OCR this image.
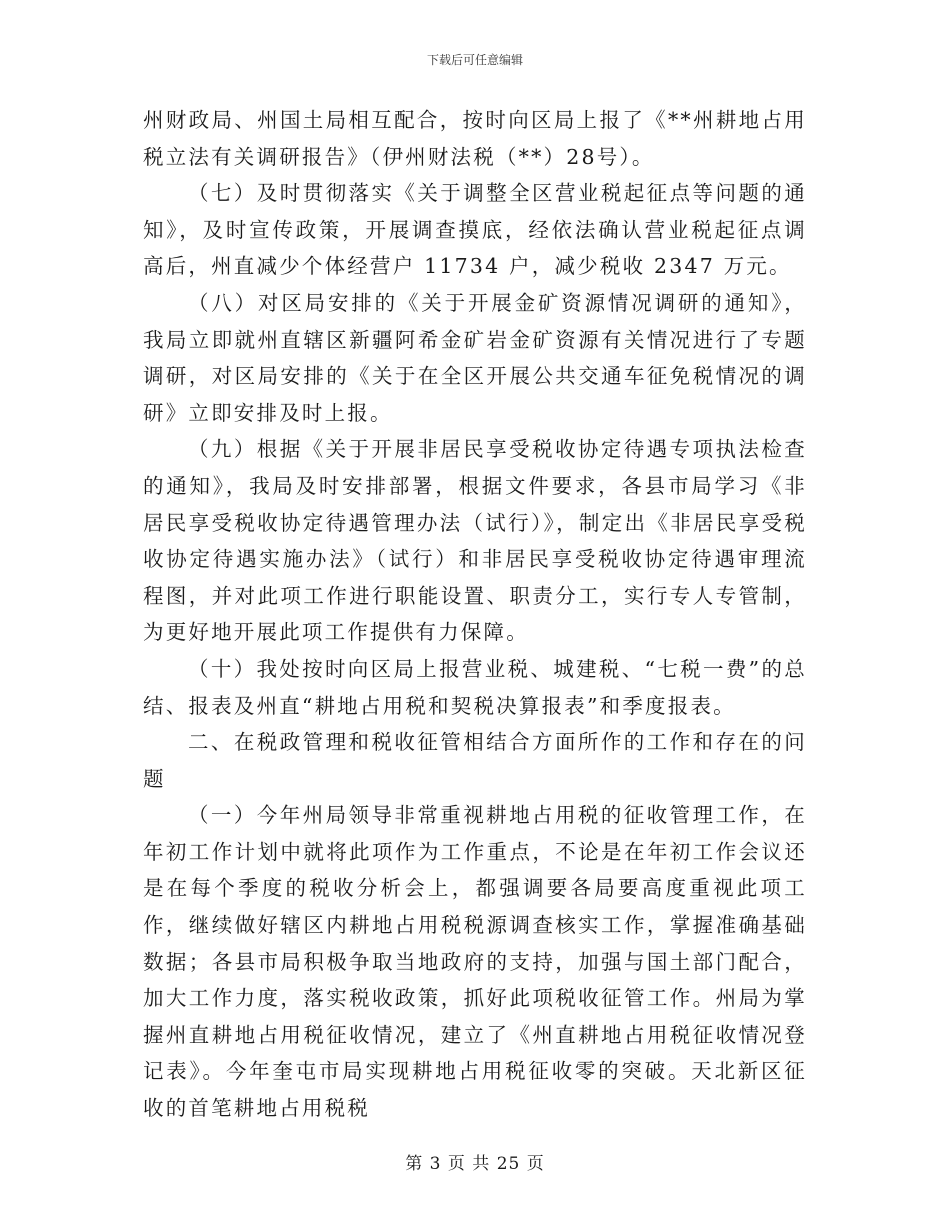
下载后可任意编辑

州财政局、州国土局相互配合，按时向区局上报了《**州耕地占用税立法有关调研报告》（伊州财法税（**）28号）。

（七）及时贯彻落实《关于调整全区营业税起征点等问题的通知》，及时宣传政策，开展调查摸底，经依法确认营业税起征点调高后，州直减少个体经营户 11734 户，减少税收 2347 万元。

（八）对区局安排的《关于开展金矿资源情况调研的通知》，我局立即就州直辖区新疆阿希金矿岩金矿资源有关情况进行了专题调研，对区局安排的《关于在全区开展公共交通车征免税情况的调研》立即安排及时上报。

（九）根据《关于开展非居民享受税收协定待遇专项执法检查的通知》，我局及时安排部署，根据文件要求，各县市局学习《非居民享受税收协定待遇管理办法（试行）》，制定出《非居民享受税收协定待遇实施办法》（试行）和非居民享受税收协定待遇审理流程图，并对此项工作进行职能设置、职责分工，实行专人专管制，为更好地开展此项工作提供有力保障。

（十）我处按时向区局上报营业税、城建税、“七税一费”的总结、报表及州直“耕地占用税和契税决算报表”和季度报表。

二、在税政管理和税收征管相结合方面所作的工作和存在的问题

（一）今年州局领导非常重视耕地占用税的征收管理工作，在年初工作计划中就将此项作为工作重点，不论是在年初工作会议还是在每个季度的税收分析会上，都强调要各局要高度重视此项工作，继续做好辖区内耕地占用税税源调查核实工作，掌握准确基础数据；各县市局积极争取当地政府的支持，加强与国土部门配合，加大工作力度，落实税收政策，抓好此项税收征管工作。州局为掌握州直耕地占用税征收情况，建立了《州直耕地占用税征收情况登记表》。今年奎屯市局实现耕地占用税征收零的突破。天北新区征收的首笔耕地占用税税

第 3 页 共 25 页
